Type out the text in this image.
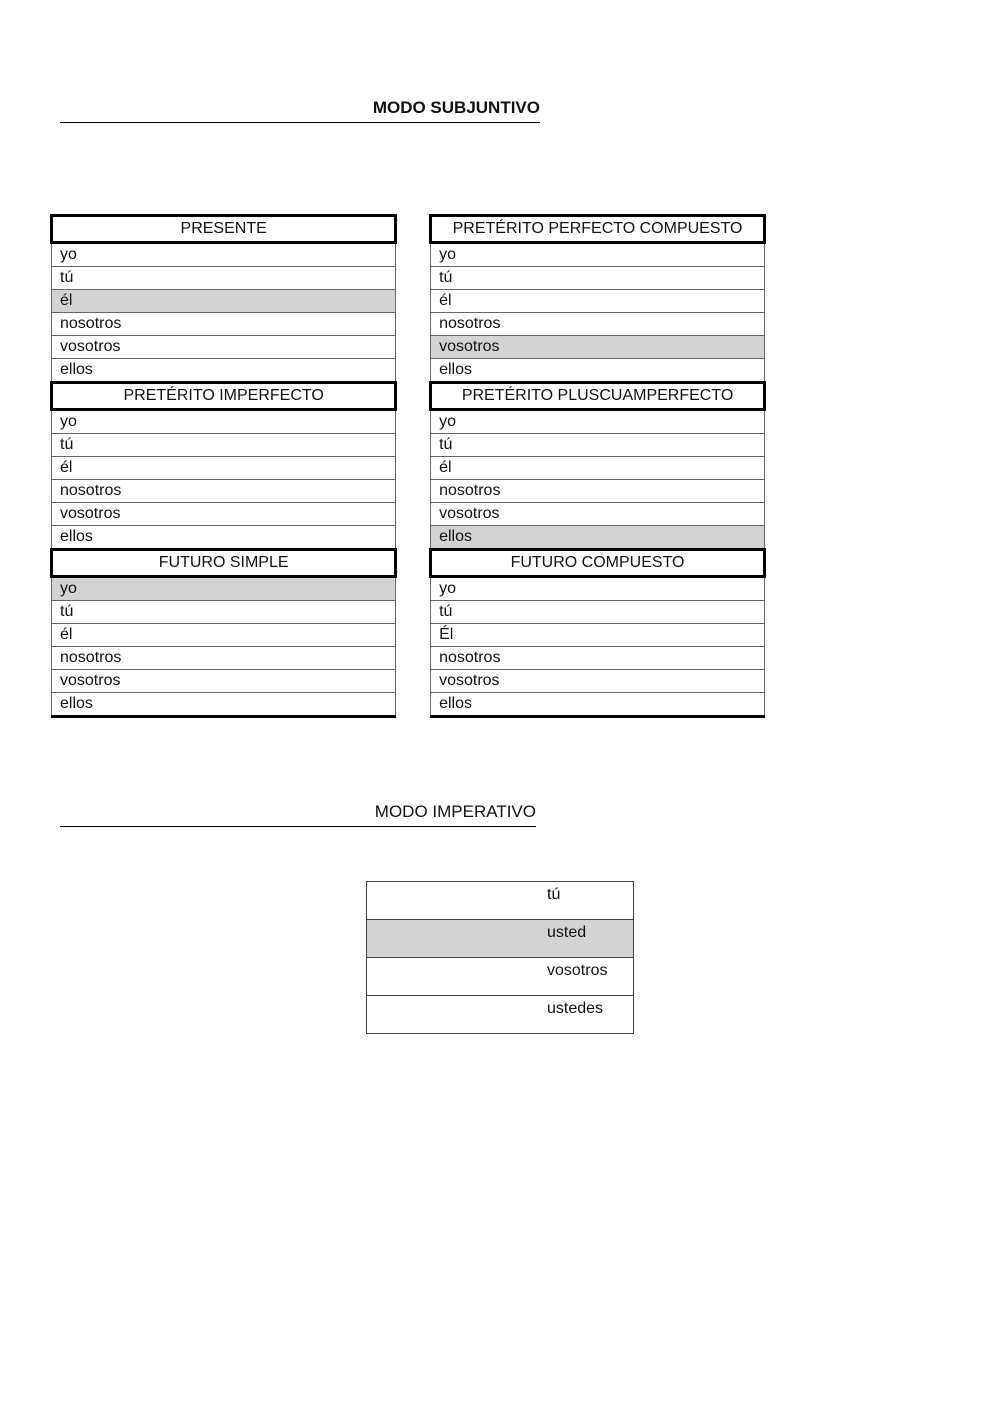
MODO SUBJUNTIVO
PRESENTE		PRETÉRITO PERFECTO COMPUESTO
yo		yo
tú		tú
él		él
nosotros		nosotros
vosotros		vosotros
ellos		ellos
PRETÉRITO IMPERFECTO		PRETÉRITO PLUSCUAMPERFECTO
yo		yo
tú		tú
él		él
nosotros		nosotros
vosotros		vosotros
ellos		ellos
FUTURO SIMPLE		FUTURO COMPUESTO
yo		yo
tú		tú
él		Él
nosotros		nosotros
vosotros		vosotros
ellos		ellos
MODO IMPERATIVO
tú
usted
vosotros
ustedes
